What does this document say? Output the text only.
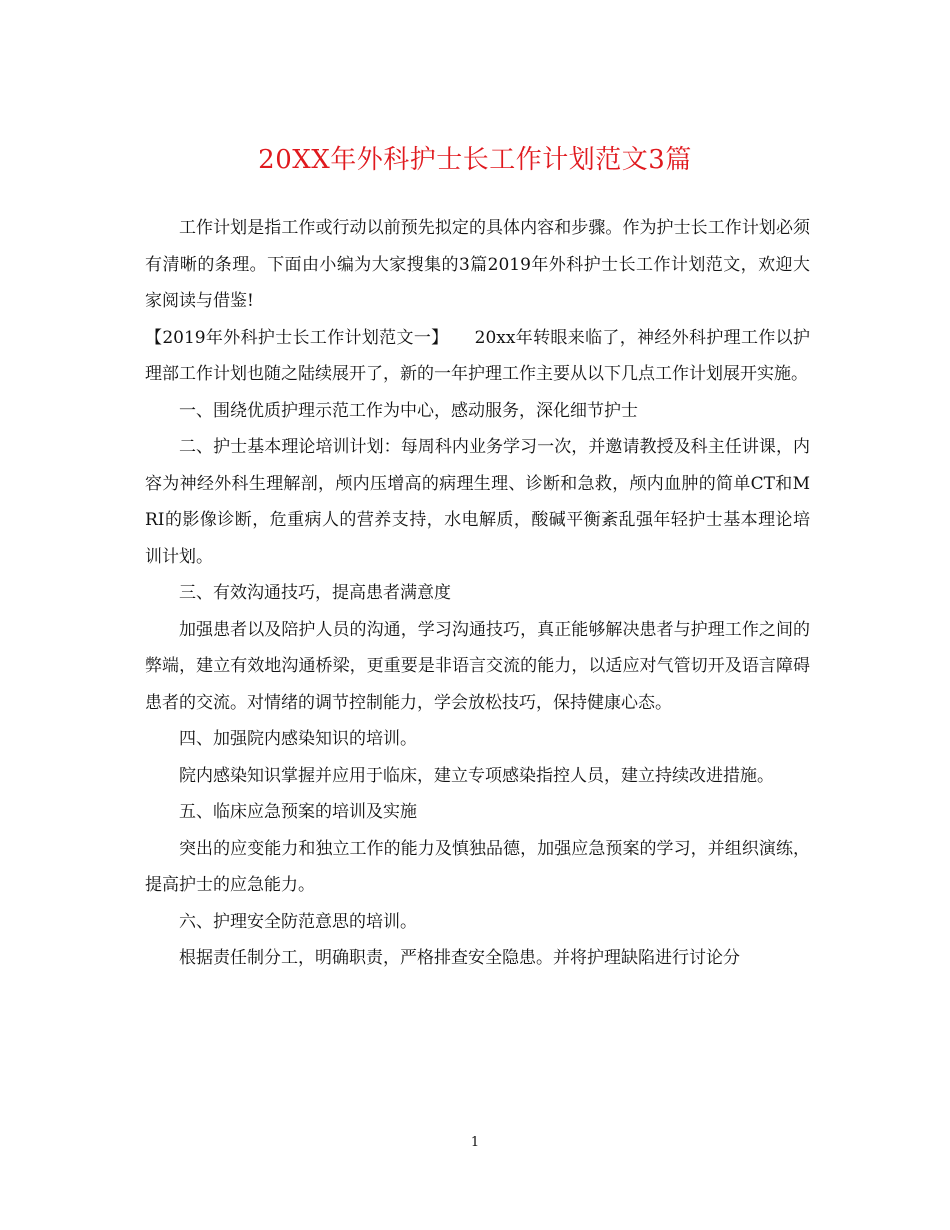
20XX年外科护士长工作计划范文3篇

工作计划是指工作或行动以前预先拟定的具体内容和步骤。作为护士长工作计划必须有清晰的条理。下面由小编为大家搜集的3篇2019年外科护士长工作计划范文，欢迎大家阅读与借鉴!

【2019年外科护士长工作计划范文一】　　20xx年转眼来临了，神经外科护理工作以护理部工作计划也随之陆续展开了，新的一年护理工作主要从以下几点工作计划展开实施。

一、围绕优质护理示范工作为中心，感动服务，深化细节护士

二、护士基本理论培训计划：每周科内业务学习一次，并邀请教授及科主任讲课，内容为神经外科生理解剖，颅内压增高的病理生理、诊断和急救，颅内血肿的简单CT和MRI的影像诊断，危重病人的营养支持，水电解质，酸碱平衡紊乱强年轻护士基本理论培训计划。

三、有效沟通技巧，提高患者满意度

加强患者以及陪护人员的沟通，学习沟通技巧，真正能够解决患者与护理工作之间的弊端，建立有效地沟通桥梁，更重要是非语言交流的能力，以适应对气管切开及语言障碍患者的交流。对情绪的调节控制能力，学会放松技巧，保持健康心态。

四、加强院内感染知识的培训。

院内感染知识掌握并应用于临床，建立专项感染指控人员，建立持续改进措施。

五、临床应急预案的培训及实施

突出的应变能力和独立工作的能力及慎独品德，加强应急预案的学习，并组织演练，提高护士的应急能力。

六、护理安全防范意思的培训。

根据责任制分工，明确职责，严格排查安全隐患。并将护理缺陷进行讨论分

1
